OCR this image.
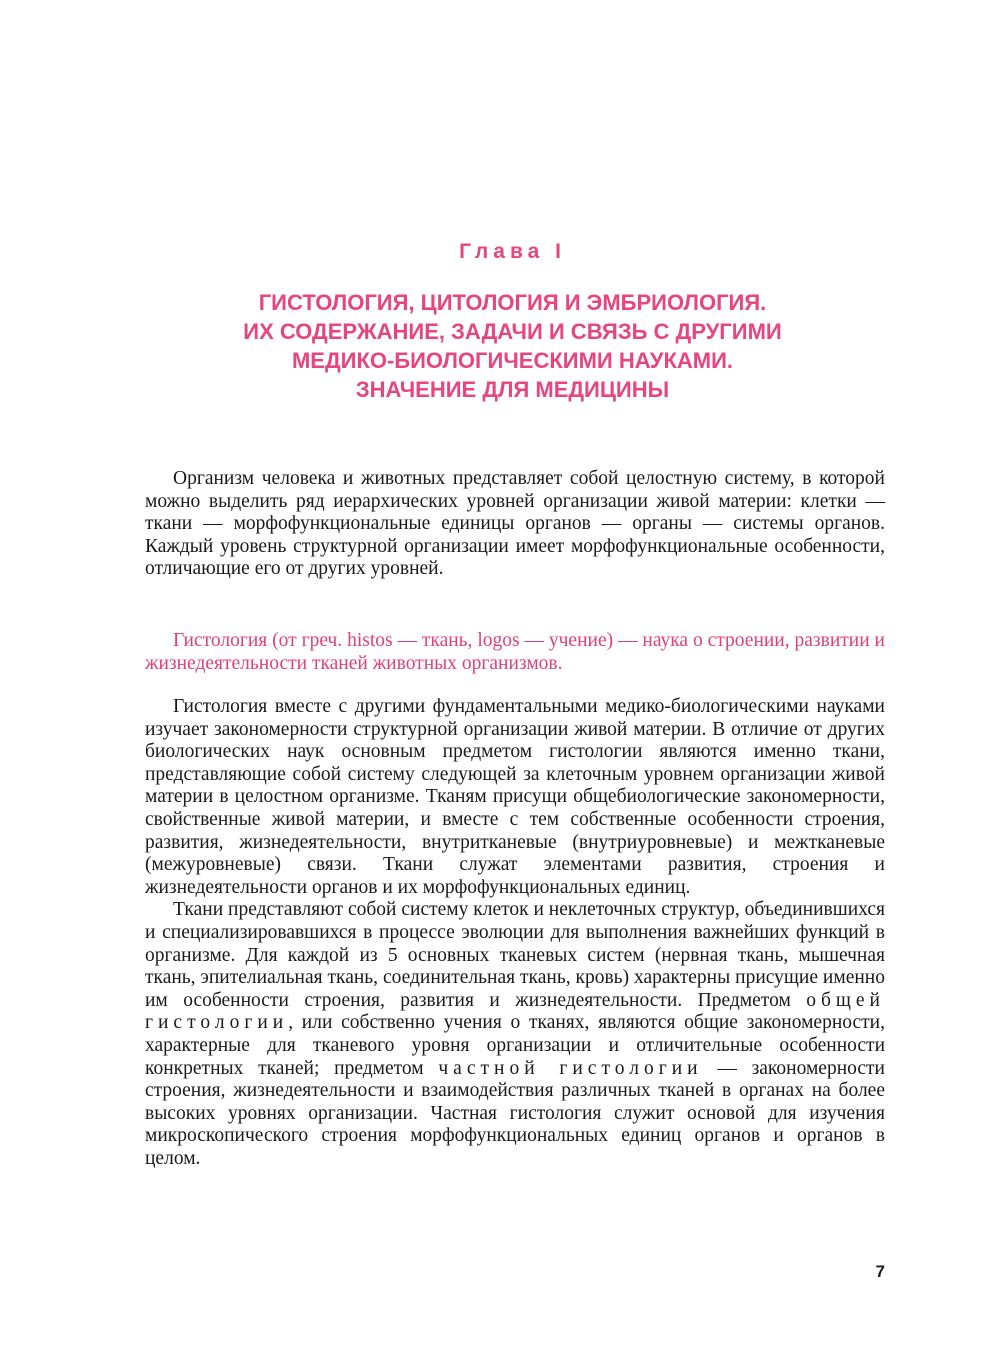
Глава I
ГИСТОЛОГИЯ, ЦИТОЛОГИЯ И ЭМБРИОЛОГИЯ.
ИХ СОДЕРЖАНИЕ, ЗАДАЧИ И СВЯЗЬ С ДРУГИМИ
МЕДИКО-БИОЛОГИЧЕСКИМИ НАУКАМИ.
ЗНАЧЕНИЕ ДЛЯ МЕДИЦИНЫ

Организм человека и животных представляет собой целостную систему, в которой можно выделить ряд иерархических уровней организации живой материи: клетки — ткани — морфофункциональные единицы органов — органы — системы органов. Каждый уровень структурной организации имеет морфофункциональные особенности, отличающие его от других уровней.

Гистология (от греч. histos — ткань, logos — учение) — наука о строении, развитии и жизнедеятельности тканей животных организмов.

Гистология вместе с другими фундаментальными медико-биологическими науками изучает закономерности структурной организации живой материи. В отличие от других биологических наук основным предметом гистологии являются именно ткани, представляющие собой систему следующей за клеточным уровнем организации живой материи в целостном организме. Тканям присущи общебиологические закономерности, свойственные живой материи, и вместе с тем собственные особенности строения, развития, жизнедеятельности, внутритканевые (внутриуровневые) и межтканевые (межуровневые) связи. Ткани служат элементами развития, строения и жизнедеятельности органов и их морфофункциональных единиц.

Ткани представляют собой систему клеток и неклеточных структур, объединившихся и специализировавшихся в процессе эволюции для выполнения важнейших функций в организме. Для каждой из 5 основных тканевых систем (нервная ткань, мышечная ткань, эпителиальная ткань, соединительная ткань, кровь) характерны присущие именно им особенности строения, развития и жизнедеятельности. Предметом общей гистологии, или собственно учения о тканях, являются общие закономерности, характерные для тканевого уровня организации и отличительные особенности конкретных тканей; предметом частной гистологии — закономерности строения, жизнедеятельности и взаимодействия различных тканей в органах на более высоких уровнях организации. Частная гистология служит основой для изучения микроскопического строения морфофункциональных единиц органов и органов в целом.

7
